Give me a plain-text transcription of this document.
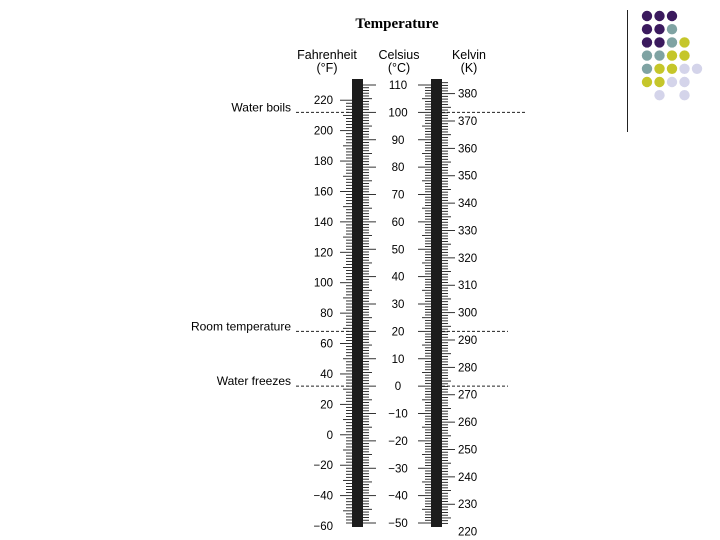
Temperature
Fahrenheit
(°F)
Celsius
(°C)
Kelvin
(K)
Water boils
Room temperature
Water freezes
220
200
180
160
140
120
100
80
60
40
20
0
−20
−40
−60
110
100
90
80
70
60
50
40
30
20
10
0
−10
−20
−30
−40
−50
380
370
360
350
340
330
320
310
300
290
280
270
260
250
240
230
220
